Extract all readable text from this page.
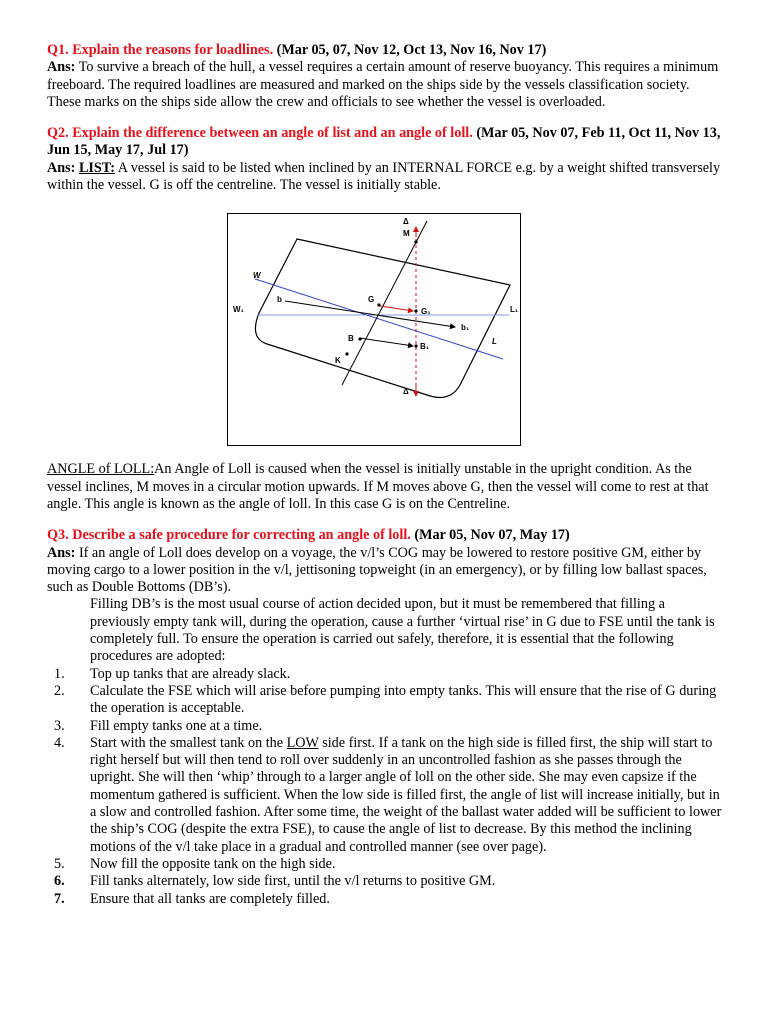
Q1. Explain the reasons for loadlines. (Mar 05, 07, Nov 12, Oct 13, Nov 16, Nov 17)

Ans: To survive a breach of the hull, a vessel requires a certain amount of reserve buoyancy. This requires a minimum freeboard. The required loadlines are measured and marked on the ships side by the vessels classification society. These marks on the ships side allow the crew and officials to see whether the vessel is overloaded.

Q2. Explain the difference between an angle of list and an angle of loll. (Mar 05, Nov 07, Feb 11, Oct 11, Nov 13, Jun 15, May 17, Jul 17)

Ans: LIST: A vessel is said to be listed when inclined by an INTERNAL FORCE e.g. by a weight shifted transversely within the vessel. G is off the centreline. The vessel is initially stable.

Δ
M
W
W₁
b	G
G₁	L₁
b₁
B	L
B₁
K
Δ

ANGLE of LOLL:An Angle of Loll is caused when the vessel is initially unstable in the upright condition. As the vessel inclines, M moves in a circular motion upwards. If M moves above G, then the vessel will come to rest at that angle. This angle is known as the angle of loll. In this case G is on the Centreline.

Q3. Describe a safe procedure for correcting an angle of loll. (Mar 05, Nov 07, May 17)

Ans: If an angle of Loll does develop on a voyage, the v/l’s COG may be lowered to restore positive GM, either by moving cargo to a lower position in the v/l, jettisoning topweight (in an emergency), or by filling low ballast spaces, such as Double Bottoms (DB’s).

Filling DB’s is the most usual course of action decided upon, but it must be remembered that filling a previously empty tank will, during the operation, cause a further ‘virtual rise’ in G due to FSE until the tank is completely full. To ensure the operation is carried out safely, therefore, it is essential that the following procedures are adopted:

1.	Top up tanks that are already slack.
2.	Calculate the FSE which will arise before pumping into empty tanks. This will ensure that the rise of G during the operation is acceptable.
3.	Fill empty tanks one at a time.
4.	Start with the smallest tank on the LOW side first. If a tank on the high side is filled first, the ship will start to right herself but will then tend to roll over suddenly in an uncontrolled fashion as she passes through the upright. She will then ‘whip’ through to a larger angle of loll on the other side. She may even capsize if the momentum gathered is sufficient. When the low side is filled first, the angle of list will increase initially, but in a slow and controlled fashion. After some time, the weight of the ballast water added will be sufficient to lower the ship’s COG (despite the extra FSE), to cause the angle of list to decrease. By this method the inclining motions of the v/l take place in a gradual and controlled manner (see over page).
5.	Now fill the opposite tank on the high side.
6.	Fill tanks alternately, low side first, until the v/l returns to positive GM.
7.	Ensure that all tanks are completely filled.
